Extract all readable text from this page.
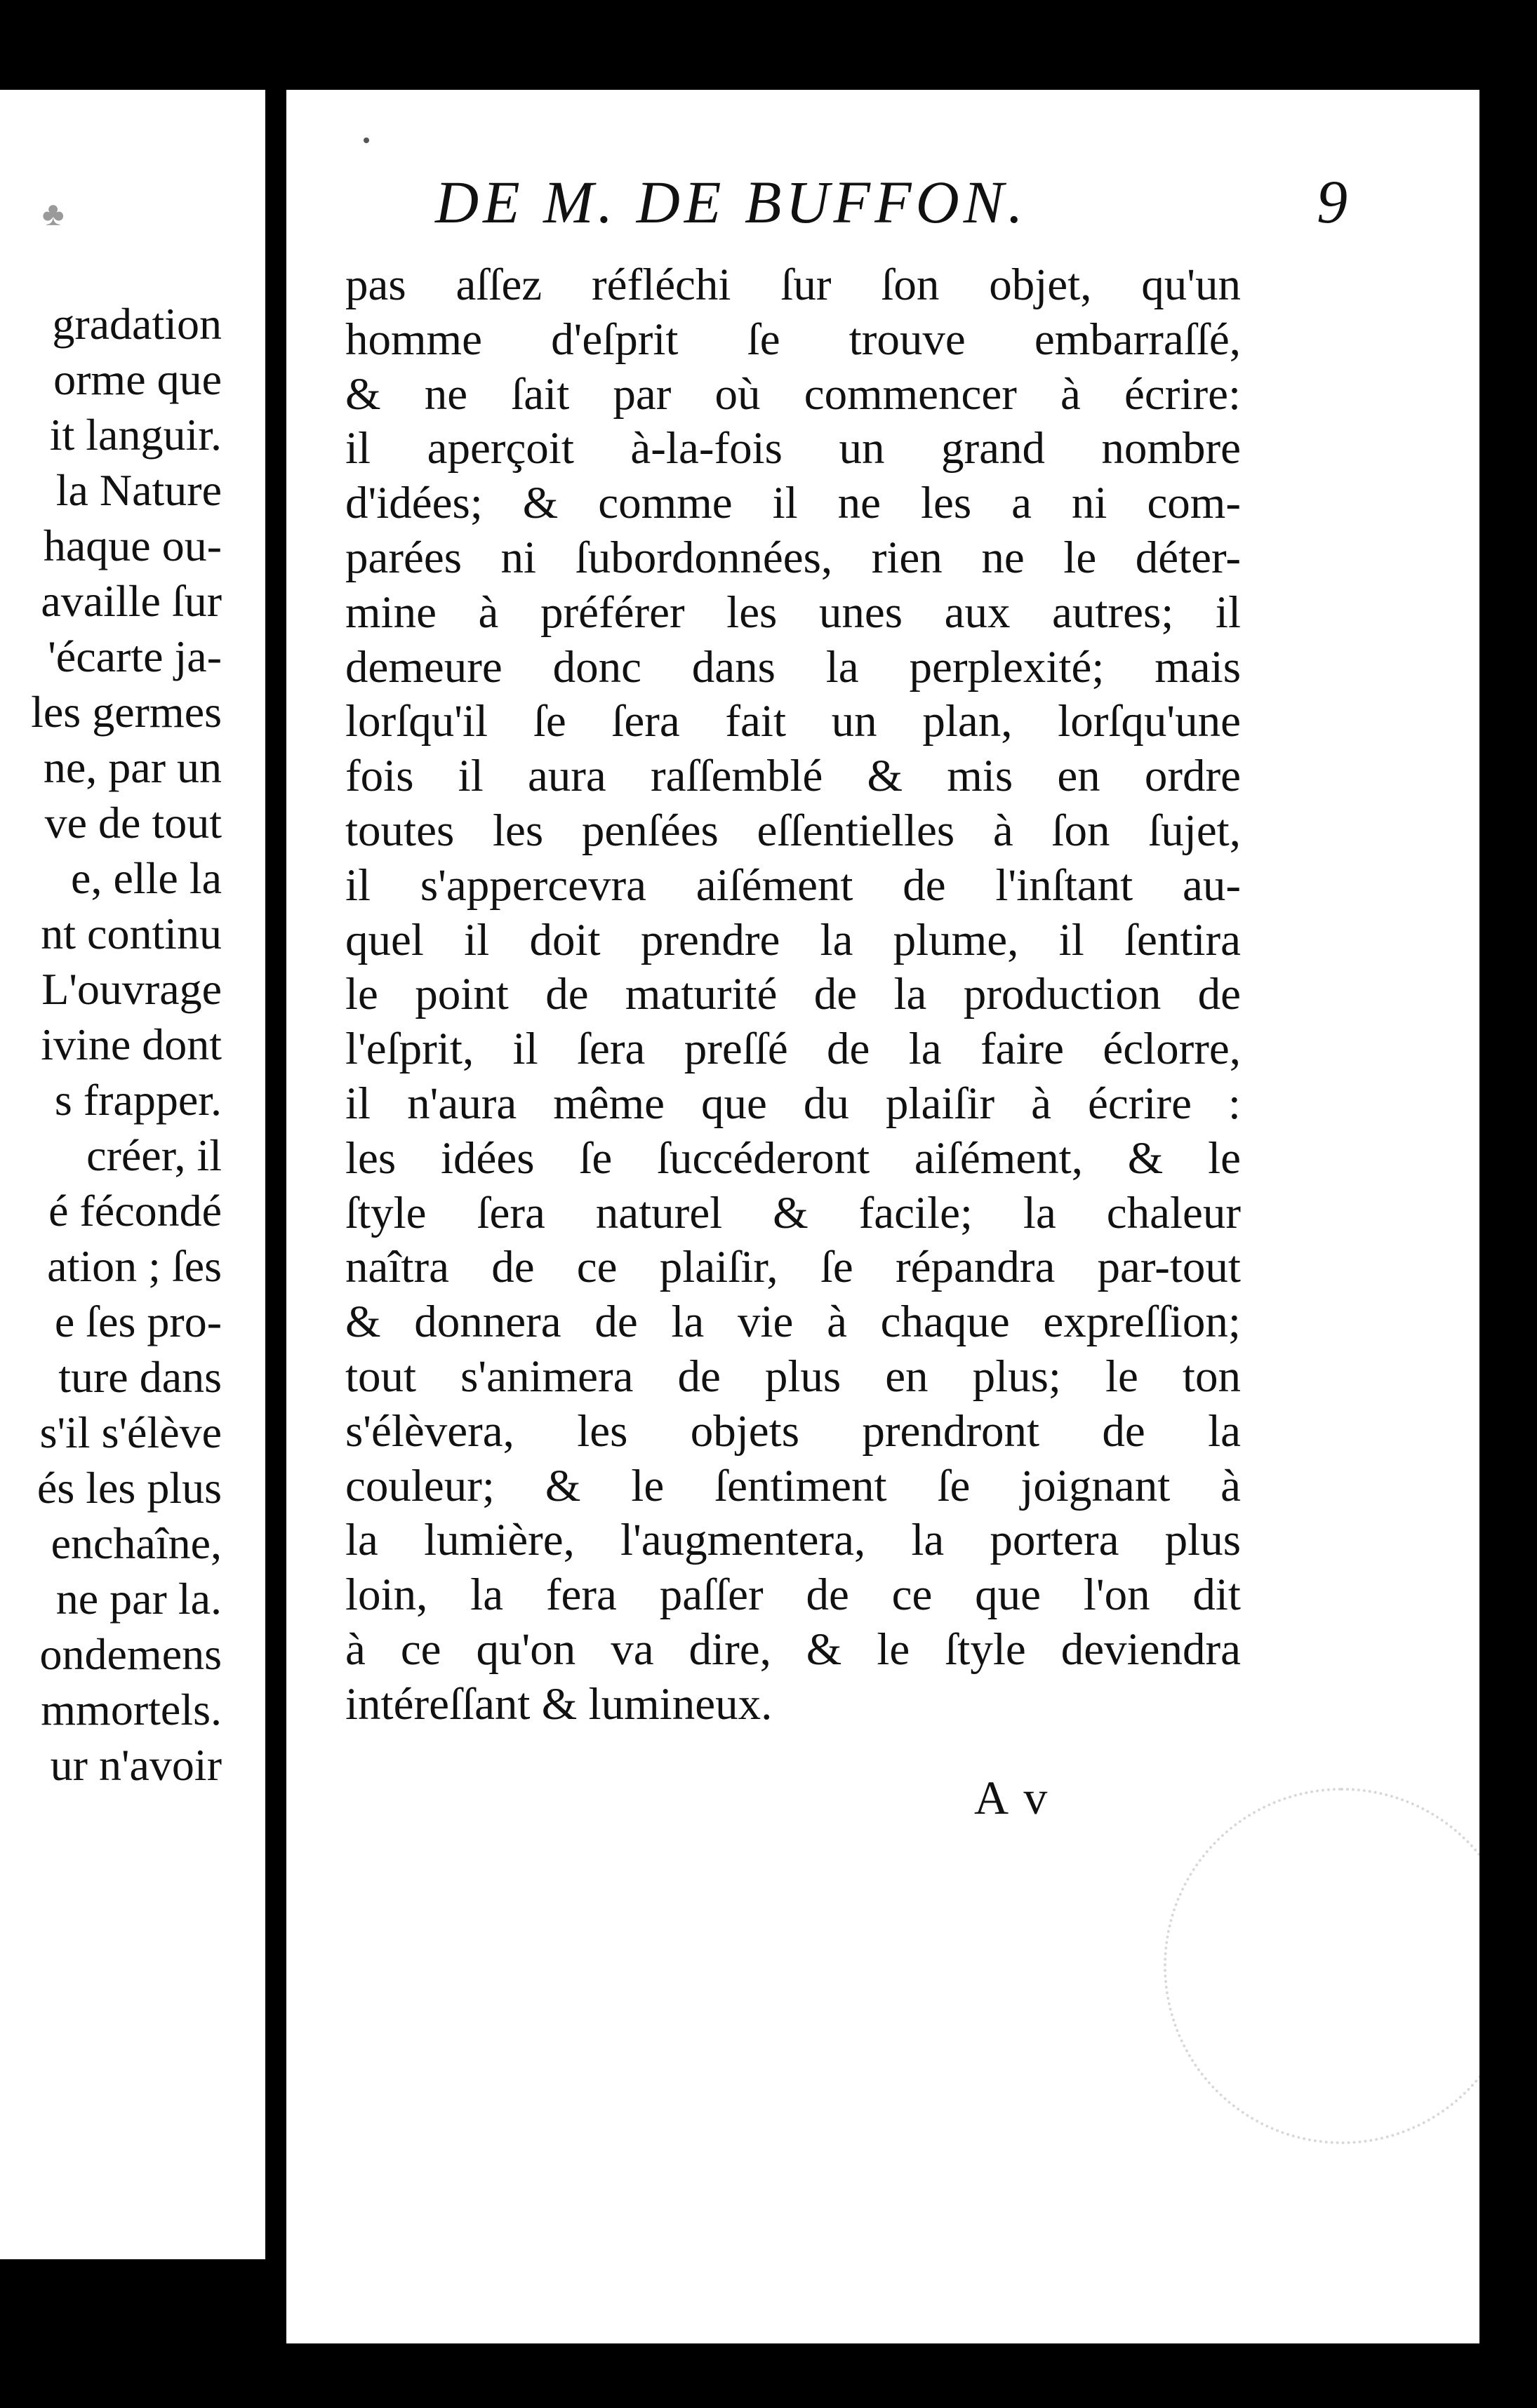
♣
gradation
orme que
it languir.
la Nature
haque ou-
availle ſur
'écarte ja-
les germes
ne, par un
ve de tout
e, elle la
nt continu
L'ouvrage
ivine dont
s frapper.
créer, il
é fécondé
ation ; ſes
e ſes pro-
ture dans
s'il s'élève
és les plus
enchaîne,
ne par la.
ondemens
mmortels.
ur n'avoir
DE M. DE BUFFON.	9
pas aſſez réfléchi ſur ſon objet, qu'un
homme d'eſprit ſe trouve embarraſſé,
& ne ſait par où commencer à écrire:
il aperçoit à-la-fois un grand nombre
d'idées; & comme il ne les a ni com-
parées ni ſubordonnées, rien ne le déter-
mine à préférer les unes aux autres; il
demeure donc dans la perplexité; mais
lorſqu'il ſe ſera fait un plan, lorſqu'une
fois il aura raſſemblé & mis en ordre
toutes les penſées eſſentielles à ſon ſujet,
il s'appercevra aiſément de l'inſtant au-
quel il doit prendre la plume, il ſentira
le point de maturité de la production de
l'eſprit, il ſera preſſé de la faire éclorre,
il n'aura même que du plaiſir à écrire :
les idées ſe ſuccéderont aiſément, & le
ſtyle ſera naturel & facile; la chaleur
naîtra de ce plaiſir, ſe répandra par-tout
& donnera de la vie à chaque expreſſion;
tout s'animera de plus en plus; le ton
s'élèvera, les objets prendront de la
couleur; & le ſentiment ſe joignant à
la lumière, l'augmentera, la portera plus
loin, la fera paſſer de ce que l'on dit
à ce qu'on va dire, & le ſtyle deviendra
intéreſſant & lumineux.
A v
